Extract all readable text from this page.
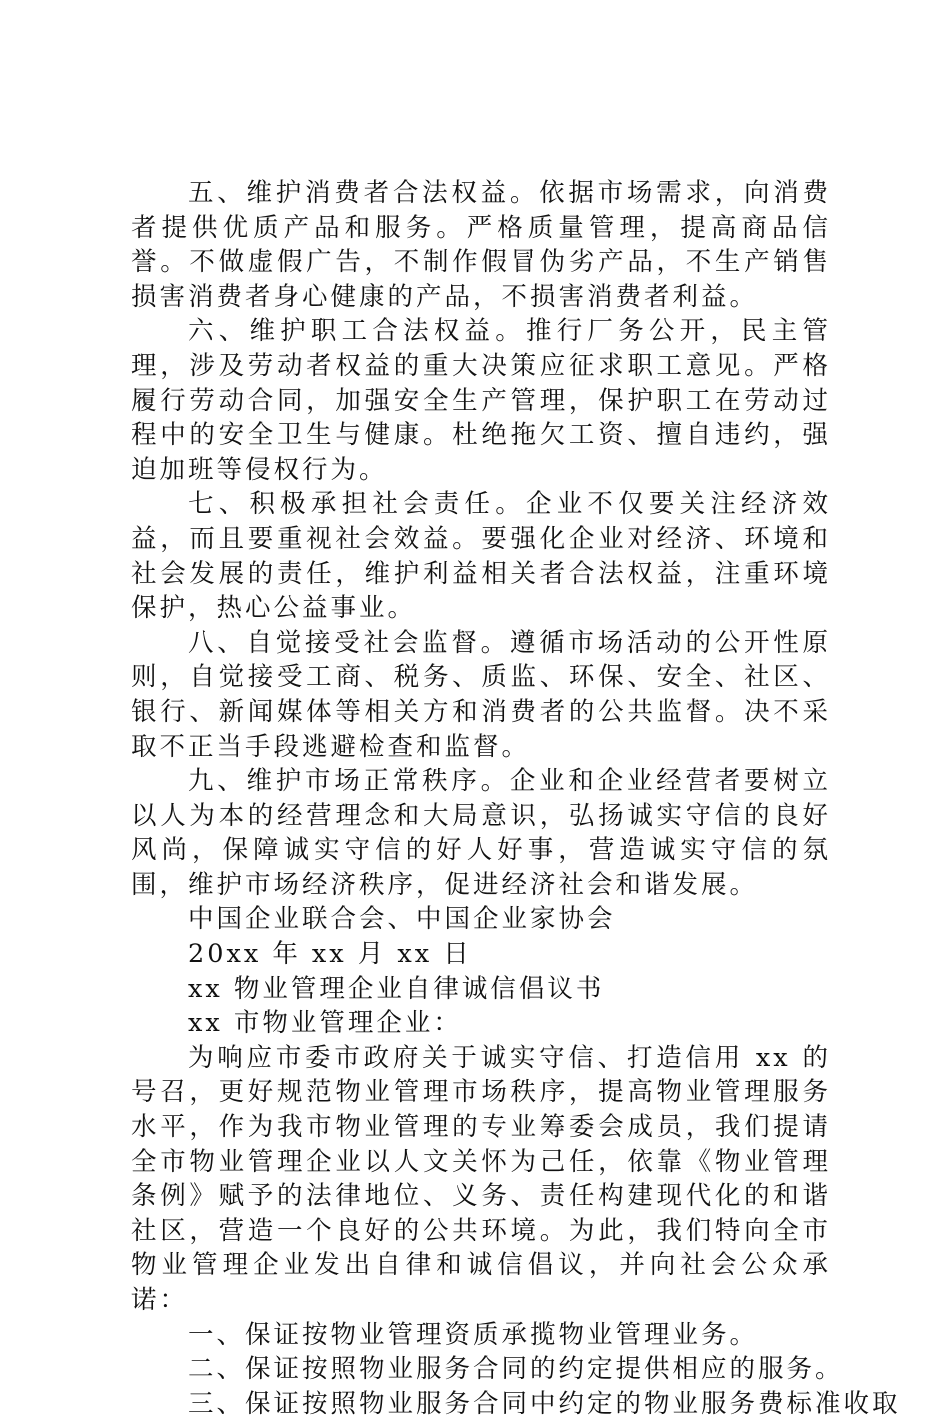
五、维护消费者合法权益。依据市场需求，向消费者提供优质产品和服务。严格质量管理，提高商品信誉。不做虚假广告，不制作假冒伪劣产品，不生产销售损害消费者身心健康的产品，不损害消费者利益。

六、维护职工合法权益。推行厂务公开，民主管理，涉及劳动者权益的重大决策应征求职工意见。严格履行劳动合同，加强安全生产管理，保护职工在劳动过程中的安全卫生与健康。杜绝拖欠工资、擅自违约，强迫加班等侵权行为。

七、积极承担社会责任。企业不仅要关注经济效益，而且要重视社会效益。要强化企业对经济、环境和社会发展的责任，维护利益相关者合法权益，注重环境保护，热心公益事业。

八、自觉接受社会监督。遵循市场活动的公开性原则，自觉接受工商、税务、质监、环保、安全、社区、银行、新闻媒体等相关方和消费者的公共监督。决不采取不正当手段逃避检查和监督。

九、维护市场正常秩序。企业和企业经营者要树立以人为本的经营理念和大局意识，弘扬诚实守信的良好风尚，保障诚实守信的好人好事，营造诚实守信的氛围，维护市场经济秩序，促进经济社会和谐发展。

中国企业联合会、中国企业家协会

20xx 年 xx 月 xx 日

xx 物业管理企业自律诚信倡议书

xx 市物业管理企业：

为响应市委市政府关于诚实守信、打造信用 xx 的号召，更好规范物业管理市场秩序，提高物业管理服务水平，作为我市物业管理的专业筹委会成员，我们提请全市物业管理企业以人文关怀为己任，依靠《物业管理条例》赋予的法律地位、义务、责任构建现代化的和谐社区，营造一个良好的公共环境。为此，我们特向全市物业管理企业发出自律和诚信倡议，并向社会公众承诺：

一、保证按物业管理资质承揽物业管理业务。

二、保证按照物业服务合同的约定提供相应的服务。

三、保证按照物业服务合同中约定的物业服务费标准收取
